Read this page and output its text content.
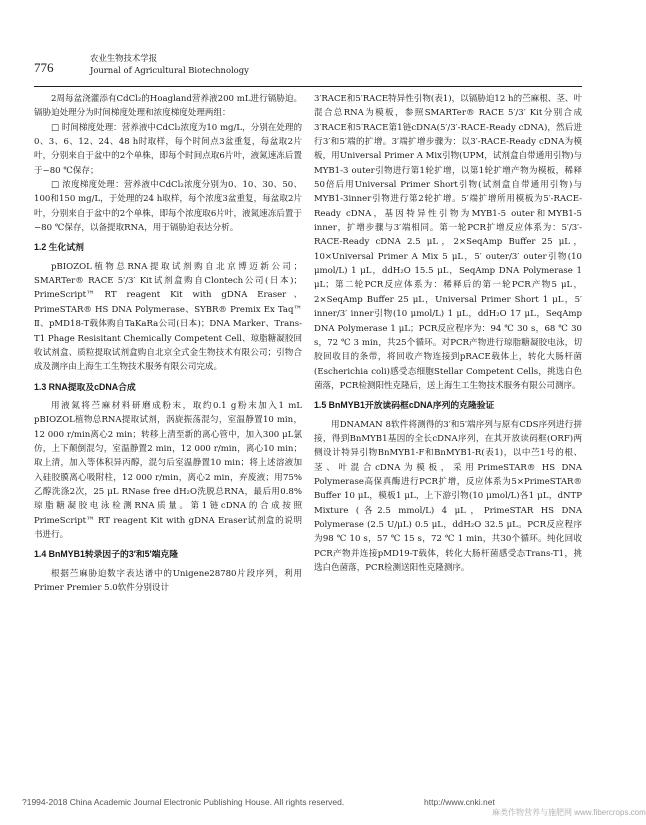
776
农业生物技术学报
Journal of Agricultural Biotechnology

2周每盆浇灌添有CdCl₂的Hoagland营养液200 mL进行镉胁迫。镉胁迫处理分为时间梯度处理和浓度梯度处理两组：

□ 时间梯度处理：营养液中CdCl₂浓度为10 mg/L，分别在处理的0、3、6、12、24、48 h时取样，每个时间点3盆重复，每盆取2片叶，分别来自于盆中的2个单株，即每个时间点取6片叶，液氮速冻后置于−80 ℃保存；

□ 浓度梯度处理：营养液中CdCl₂浓度分别为0、10、30、50、100和150 mg/L，于处理的24 h取样，每个浓度3盆重复，每盆取2片叶，分别来自于盆中的2个单株，即每个浓度取6片叶，液氮速冻后置于−80 ℃保存，以备提取RNA，用于镉胁迫表达分析。

1.2 生化试剂

pBIOZOL植物总RNA提取试剂购自北京博迈新公司；SMARTer® RACE 5′/3′ Kit试剂盒购自Clontech公司(日本)；PrimeScript™ RT reagent Kit with gDNA Eraser、PrimeSTAR® HS DNA Polymerase、SYBR® Premix Ex Taq™ Ⅱ、pMD18-T载体购自TaKaRa公司(日本)；DNA Marker、Trans-T1 Phage Resisitant Chemically Competent Cell、琼脂糖凝胶回收试剂盒、质粒提取试剂盒购自北京全式金生物技术有限公司；引物合成及测序由上海生工生物技术服务有限公司完成。

1.3 RNA提取及cDNA合成

用液氮将苎麻材料研磨成粉末，取约0.1 g粉末加入1 mL pBIOZOL植物总RNA提取试剂，涡旋振荡混匀，室温静置10 min，12 000 r/min离心2 min；转移上清至新的离心管中，加入300 μL氯仿，上下颠倒混匀，室温静置2 min，12 000 r/min，离心10 min；取上清，加入等体积异丙醇，混匀后室温静置10 min；将上述溶液加入硅胶膜离心吸附柱，12 000 r/min，离心2 min，弃废液；用75%乙醇洗涤2次，25 μL RNase free dH₂O洗脱总RNA，最后用0.8%琼脂糖凝胶电泳检测RNA质量。第1链cDNA的合成按照PrimeScript™ RT reagent Kit with gDNA Eraser试剂盒的说明书进行。

1.4 BnMYB1转录因子的3′和5′端克隆

根据苎麻胁迫数字表达谱中的Unigene28780片段序列，利用Primer Premier 5.0软件分别设计

3′RACE和5′RACE特异性引物(表1)，以镉胁迫12 h的苎麻根、茎、叶混合总RNA为模板，参照SMARTer® RACE 5′/3′ Kit分别合成3′RACE和5′RACE第1链cDNA(5′/3′-RACE-Ready cDNA)，然后进行3′和5′端的扩增。3′端扩增步骤为：以3′-RACE-Ready cDNA为模板，用Universal Primer A Mix引物(UPM，试剂盒自带通用引物)与MYB1-3 outer引物进行第1轮扩增，以第1轮扩增产物为模板，稀释50倍后用Universal Primer Short引物(试剂盒自带通用引物)与MYB1-3inner引物进行第2轮扩增。5′端扩增所用模板为5′-RACE-Ready cDNA，基因特异性引物为MYB1-5 outer和MYB1-5 inner，扩增步骤与3′端相同。第一轮PCR扩增反应体系为：5′/3′-RACE-Ready cDNA 2.5 μL，2×SeqAmp Buffer 25 μL，10×Universal Primer A Mix 5 μL，5′ outer/3′ outer引物(10 μmol/L) 1 μL，ddH₂O 15.5 μL，SeqAmp DNA Polymerase 1 μL；第二轮PCR反应体系为：稀释后的第一轮PCR产物5 μL，2×SeqAmp Buffer 25 μL，Universal Primer Short 1 μL，5′ inner/3′ inner引物(10 μmol/L) 1 μL，ddH₂O 17 μL，SeqAmp DNA Polymerase 1 μL；PCR反应程序为：94 ℃ 30 s，68 ℃ 30 s，72 ℃ 3 min，共25个循环。对PCR产物进行琼脂糖凝胶电泳，切胶回收目的条带，将回收产物连接到pRACE载体上，转化大肠杆菌(Escherichia coli)感受态细胞Stellar Competent Cells，挑选白色菌落，PCR检测阳性克隆后，送上海生工生物技术服务有限公司测序。

1.5 BnMYB1开放读码框cDNA序列的克隆验证

用DNAMAN 8软件将测得的3′和5′端序列与原有CDS序列进行拼接，得到BnMYB1基因的全长cDNA序列，在其开放读码框(ORF)两侧设计特异引物BnMYB1-F和BnMYB1-R(表1)，以中苎1号的根、茎、叶混合cDNA为模板，采用PrimeSTAR® HS DNA Polymerase高保真酶进行PCR扩增，反应体系为5×PrimeSTAR® Buffer 10 μL，模板1 μL，上下游引物(10 μmol/L)各1 μL，dNTP Mixture (各2.5 mmol/L) 4 μL，PrimeSTAR HS DNA Polymerase (2.5 U/μL) 0.5 μL，ddH₂O 32.5 μL。PCR反应程序为98 ℃ 10 s，57 ℃ 15 s，72 ℃ 1 min，共30个循环。纯化回收PCR产物并连接pMD19-T载体，转化大肠杆菌感受态Trans-T1，挑选白色菌落，PCR检测送阳性克隆测序。

?1994-2018 China Academic Journal Electronic Publishing House. All rights reserved.	http://www.cnki.net
麻类作物营养与施肥网 www.fibercrops.com
